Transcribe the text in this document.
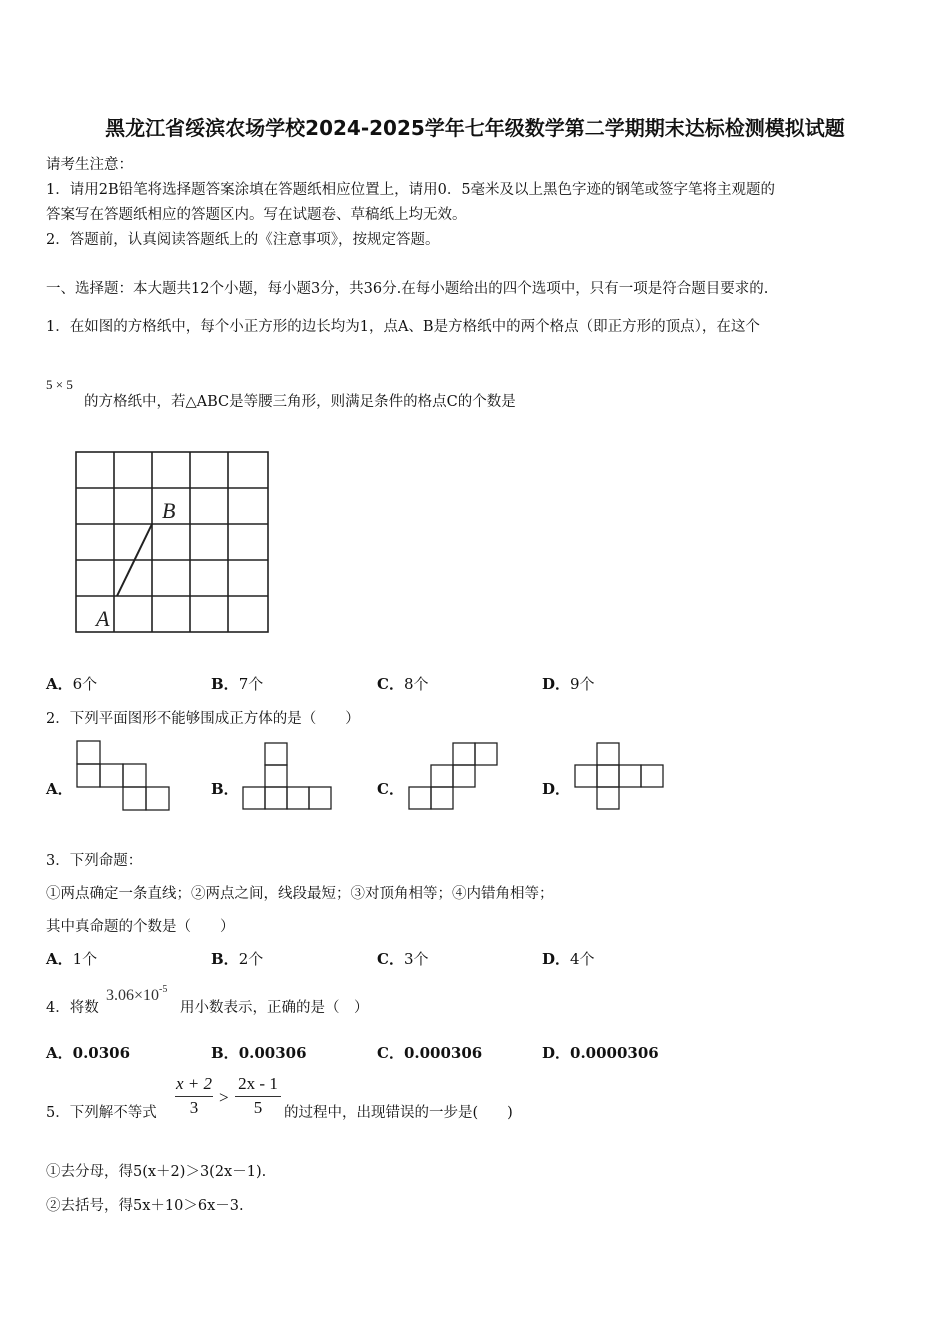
黑龙江省绥滨农场学校2024-2025学年七年级数学第二学期期末达标检测模拟试题
请考生注意：
1．请用2B铅笔将选择题答案涂填在答题纸相应位置上，请用0．5毫米及以上黑色字迹的钢笔或签字笔将主观题的
答案写在答题纸相应的答题区内。写在试题卷、草稿纸上均无效。
2．答题前，认真阅读答题纸上的《注意事项》，按规定答题。
一、选择题：本大题共12个小题，每小题3分，共36分.在每小题给出的四个选项中，只有一项是符合题目要求的.
1．在如图的方格纸中，每个小正方形的边长均为1，点A、B是方格纸中的两个格点（即正方形的顶点），在这个
5 × 5
的方格纸中，若△ABC是等腰三角形，则满足条件的格点C的个数是
B
A
A．6个	B．7个	C．8个	D．9个
2．下列平面图形不能够围成正方体的是（　　）
A．	B．	C．	D．
3．下列命题：
①两点确定一条直线；②两点之间，线段最短；③对顶角相等；④内错角相等；
其中真命题的个数是（　　）
A．1个	B．2个	C．3个	D．4个
4．将数
$3.06\times 10^{-5}$
用小数表示，正确的是（　）
A．0.0306	B．0.00306	C．0.000306	D．0.0000306
5．下列解不等式
x + 2
3
>
2x - 1
5	的过程中，出现错误的一步是(　　)
①去分母，得5(x＋2)＞3(2x－1).
②去括号，得5x＋10＞6x－3.
